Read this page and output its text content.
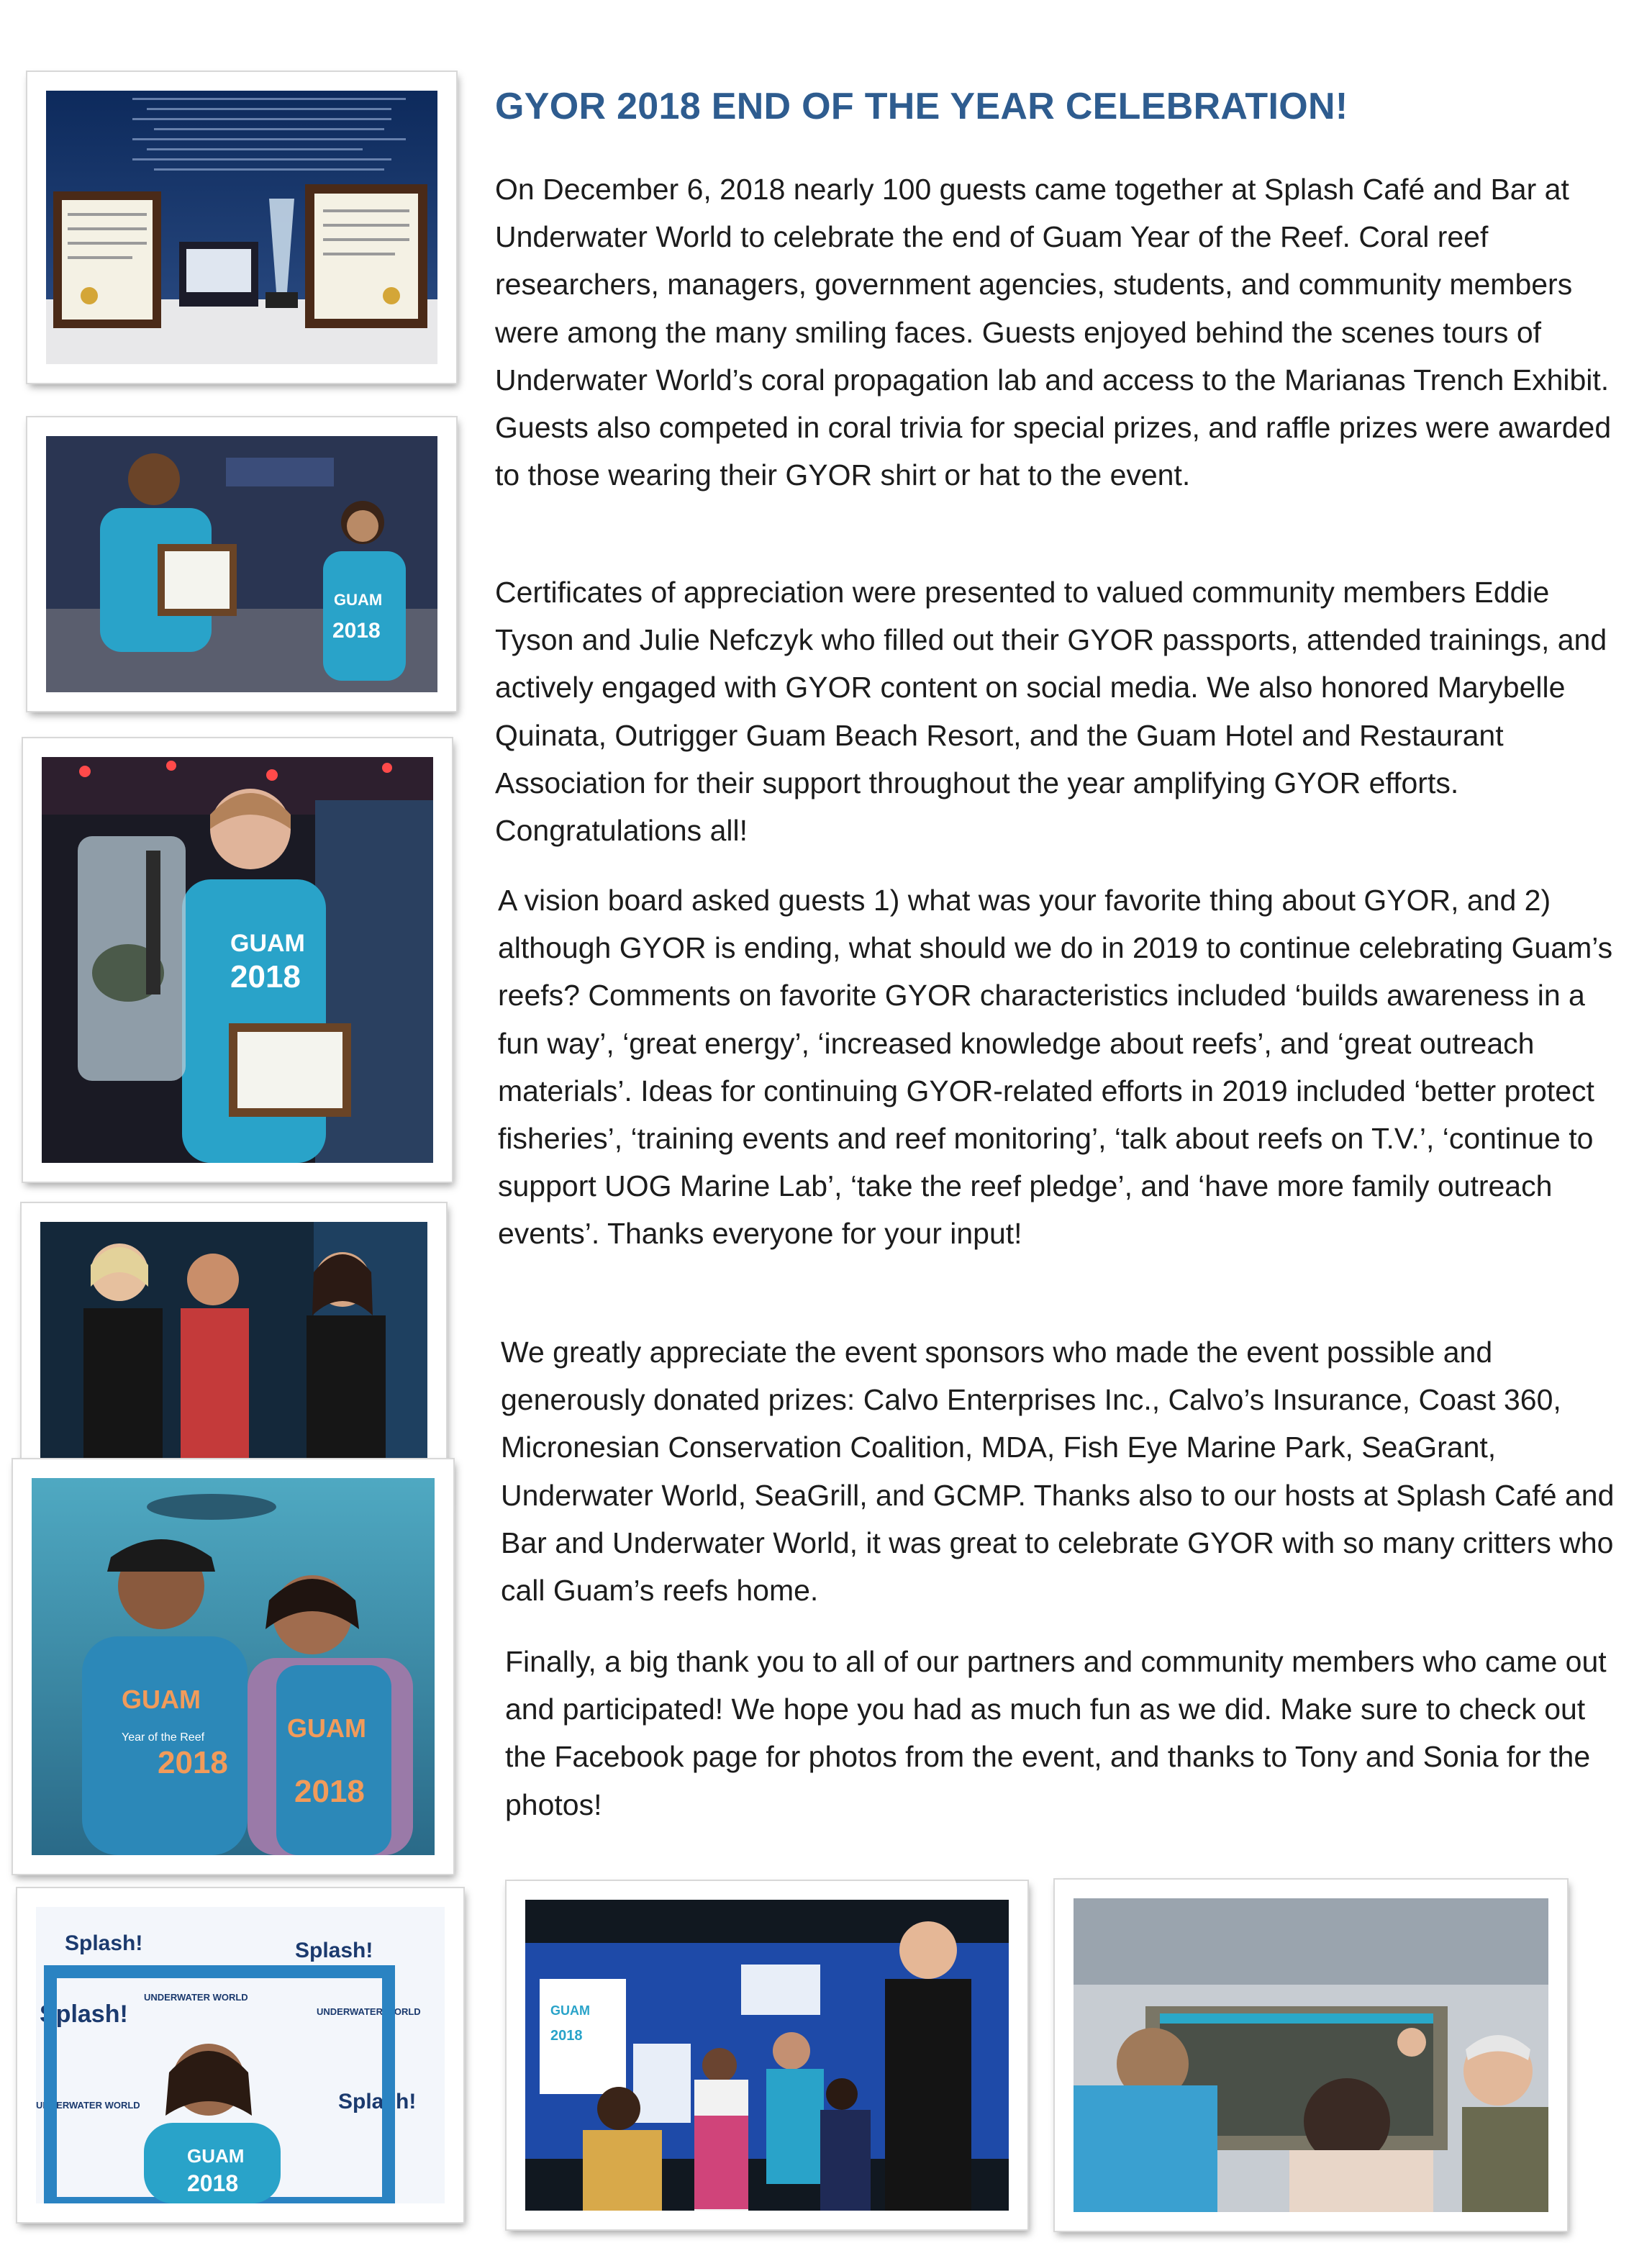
GYOR 2018 END OF THE YEAR CELEBRATION!

On December 6, 2018 nearly 100 guests came together at Splash Café and Bar at Underwater World to celebrate the end of Guam Year of the Reef. Coral reef researchers, managers, government agencies, students, and community members were among the many smiling faces. Guests enjoyed behind the scenes tours of Underwater World’s coral propagation lab and access to the Marianas Trench Exhibit. Guests also competed in coral trivia for special prizes, and raffle prizes were awarded to those wearing their GYOR shirt or hat to the event.

Certificates of appreciation were presented to valued community members Eddie Tyson and Julie Nefczyk who filled out their GYOR passports, attended trainings, and actively engaged with GYOR content on social media. We also honored Marybelle Quinata, Outrigger Guam Beach Resort, and the Guam Hotel and Restaurant Association for their support throughout the year amplifying GYOR efforts. Congratulations all!

A vision board asked guests 1) what was your favorite thing about GYOR, and 2) although GYOR is ending, what should we do in 2019 to continue celebrating Guam’s reefs? Comments on favorite GYOR characteristics included ‘builds awareness in a fun way’, ‘great energy’, ‘increased knowledge about reefs’, and ‘great outreach materials’. Ideas for continuing GYOR-related efforts in 2019 included ‘better protect fisheries’, ‘training events and reef monitoring’, ‘talk about reefs on T.V.’, ‘continue to support UOG Marine Lab’, ‘take the reef pledge’, and ‘have more family outreach events’. Thanks everyone for your input!

We greatly appreciate the event sponsors who made the event possible and generously donated prizes: Calvo Enterprises Inc., Calvo’s Insurance, Coast 360, Micronesian Conservation Coalition, MDA, Fish Eye Marine Park, SeaGrant, Underwater World, SeaGrill, and GCMP. Thanks also to our hosts at Splash Café and Bar and Underwater World, it was great to celebrate GYOR with so many critters who call Guam’s reefs home.

Finally, a big thank you to all of our partners and community members who came out and participated! We hope you had as much fun as we did. Make sure to check out the Facebook page for photos from the event, and thanks to Tony and Sonia for the photos!

GUAM
2018
GUAM
2018
GUAM
Year of the Reef
2018
GUAM
2018
Splash!	Splash!
Splash!
Splash!
UNDERWATER WORLD
UNDERWATER WORLD
UNDERWATER WORLD
GUAM
2018
GUAM
2018
